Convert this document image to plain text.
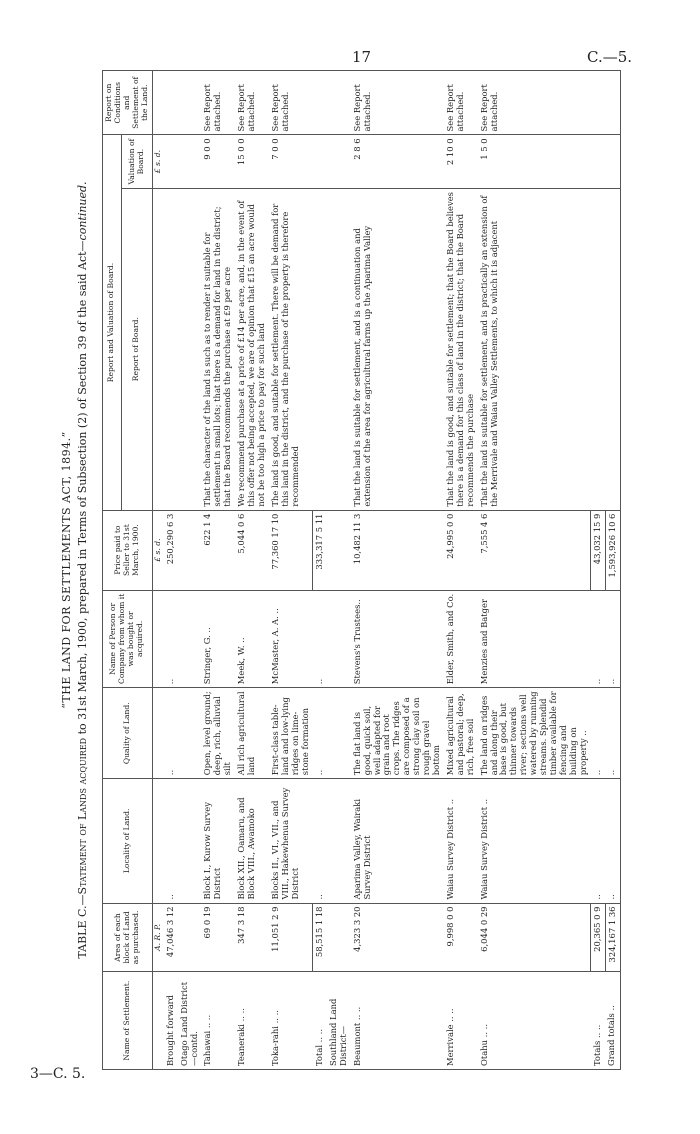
17	C.—5.
3—C. 5.
“THE LAND FOR SETTLEMENTS ACT, 1894.”
TABLE C.—Statement of Lands acquired to 31st March, 1900, prepared in Terms of Subsection (2) of Section 39 of the said Act—continued.
Name of Settlement.	Area of each block of Land as purchased.	Locality of Land.	Quality of Land.	Name of Person or Company from whom it was bought or acquired.	Price paid to Seller to 31st March, 1900.	Report and Valuation of Board.		Report on Conditions and Settlement of the Land.
						Report of Board.	Valuation of Board.	
	A. R. P.				£ s. d.		£ s. d.	
Brought forward	47,046 3 12	..	..	..	250,290 6 3			
Otago Land District—contd.								
Tahawai .. ..	69 0 19	Block I., Kurow Survey District	Open, level ground; deep, rich, alluvial silt	Stringer, G. ..	622 1 4	That the character of the land is such as to render it suitable for settlement in small lots; that there is a demand for land in the district; that the Board recommends the purchase at £9 per acre	9 0 0	See Report attached.
Teaneraki .. ..	347 3 18	Block XII., Oamaru, and Block VIII., Awamoko	All rich agricultural land	Meek, W. ..	5,044 0 6	We recommend purchase at a price of £14 per acre, and, in the event of this offer not being accepted, we are of opinion that £15 an acre would not be too high a price to pay for such land	15 0 0	See Report attached.
Toka-rahi .. ..	11,051 2 9	Blocks II., VI., VII., and VIII., Hakewhenua Survey District	First-class table-land and low-lying ridges on lime-stone formation	McMaster, A. A. ..	77,360 17 10	The land is good, and suitable for settlement. There will be demand for this land in the district, and the purchase of the property is therefore recommended	7 0 0	See Report attached.
Total .. ..	58,515 1 18	..	..	..	333,317 5 11			
Southland Land District—								
Beaumont .. ..	4,323 3 20	Aparima Valley, Wairaki Survey District	The flat land is good, quick soil, well adapted for grain and root crops. The ridges are composed of a strong clay soil on rough gravel bottom	Stevens's Trustees..	10,482 11 3	That the land is suitable for settlement, and is a continuation and extension of the area for agricultural farms up the Aparima Valley	2 8 6	See Report attached.
Merrivale .. ..	9,998 0 0	Waiau Survey District ..	Mixed agricultural and pastoral; deep, rich, free soil	Elder, Smith, and Co.	24,995 0 0	That the land is good, and suitable for settlement; that the Board believes there is a demand for this class of land in the district; that the Board recommends the purchase	2 10 0	See Report attached.
Otahu .. ..	6,044 0 29	Waiau Survey District ..	The land on ridges and along their base is good, but thinner towards river; sections well watered by running streams. Splendid timber available for fencing and building on property ..	Menzies and Batger	7,555 4 6	That the land is suitable for settlement, and is practically an extension of the Merrivale and Waiau Valley Settlements, to which it is adjacent	1 5 0	See Report attached.
Totals .. ..	20,365 0 9	..	..	..	43,032 15 9			
Grand totals ..	324,167 1 36	..	..	..	1,593,926 10 6			
